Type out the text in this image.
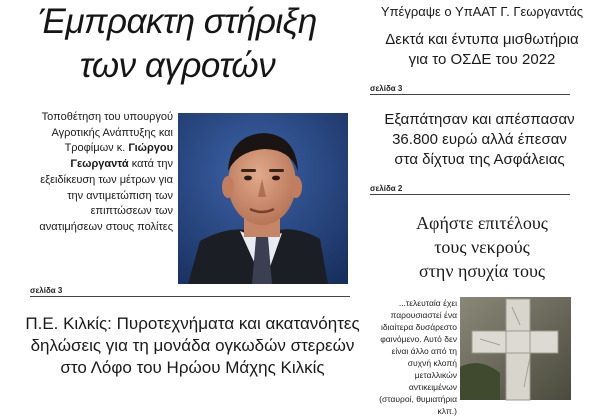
Έμπρακτη στήριξη
των αγροτών
Τοποθέτηση του υπουργού Αγροτικής Ανάπτυξης και Τροφίμων κ. Γιώργου Γεωργαντά κατά την εξειδίκευση των μέτρων για την αντιμετώπιση των επιπτώσεων των ανατιμήσεων στους πολίτες
σελίδα 3
Π.Ε. Κιλκίς: Πυροτεχνήματα και ακατανόητες
δηλώσεις για τη μονάδα ογκωδών στερεών
στο Λόφο του Ηρώου Μάχης Κιλκίς
Υπέγραψε ο ΥπΑΑΤ Γ. Γεωργαντάς
Δεκτά και έντυπα μισθωτήρια
για το ΟΣΔΕ του 2022
σελίδα 3
Εξαπάτησαν και απέσπασαν
36.800 ευρώ αλλά έπεσαν
στα δίχτυα της Ασφάλειας
σελίδα 2
Αφήστε επιτέλους
τους νεκρούς
στην ησυχία τους
...τελευταία έχει παρουσιαστεί ένα ιδιαίτερα δυσάρεστο φαινόμενο. Αυτό δεν είναι άλλο από τη συχνή κλοπή μεταλλικών αντικειμένων (σταυροί, θυμιατήρια κλπ.)
